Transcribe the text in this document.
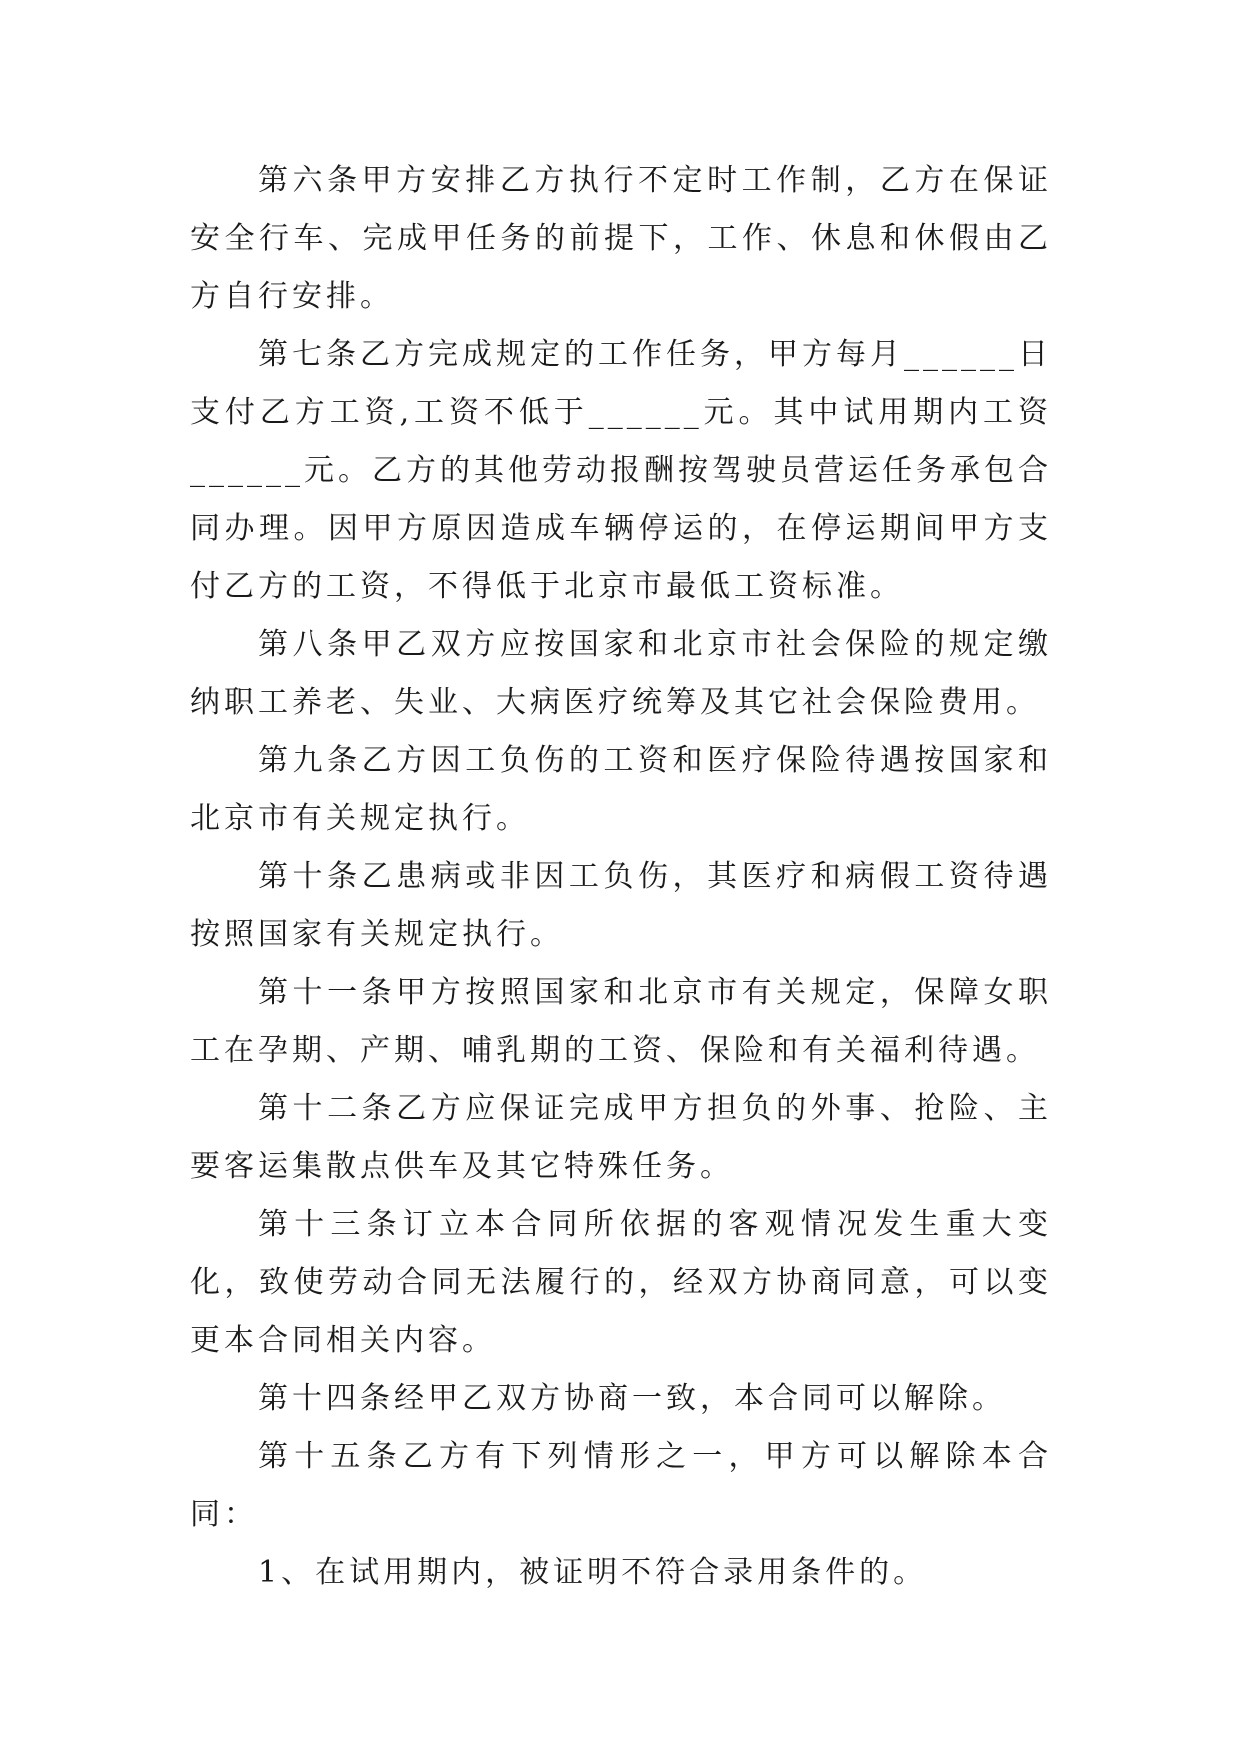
第六条甲方安排乙方执行不定时工作制，乙方在保证安全行车、完成甲任务的前提下，工作、休息和休假由乙方自行安排。

第七条乙方完成规定的工作任务，甲方每月______日支付乙方工资,工资不低于______元。其中试用期内工资______元。乙方的其他劳动报酬按驾驶员营运任务承包合同办理。因甲方原因造成车辆停运的，在停运期间甲方支付乙方的工资，不得低于北京市最低工资标准。

第八条甲乙双方应按国家和北京市社会保险的规定缴纳职工养老、失业、大病医疗统筹及其它社会保险费用。

第九条乙方因工负伤的工资和医疗保险待遇按国家和北京市有关规定执行。

第十条乙患病或非因工负伤，其医疗和病假工资待遇按照国家有关规定执行。

第十一条甲方按照国家和北京市有关规定，保障女职工在孕期、产期、哺乳期的工资、保险和有关福利待遇。

第十二条乙方应保证完成甲方担负的外事、抢险、主要客运集散点供车及其它特殊任务。

第十三条订立本合同所依据的客观情况发生重大变化，致使劳动合同无法履行的，经双方协商同意，可以变更本合同相关内容。

第十四条经甲乙双方协商一致，本合同可以解除。

第十五条乙方有下列情形之一，甲方可以解除本合同：

1、在试用期内，被证明不符合录用条件的。
